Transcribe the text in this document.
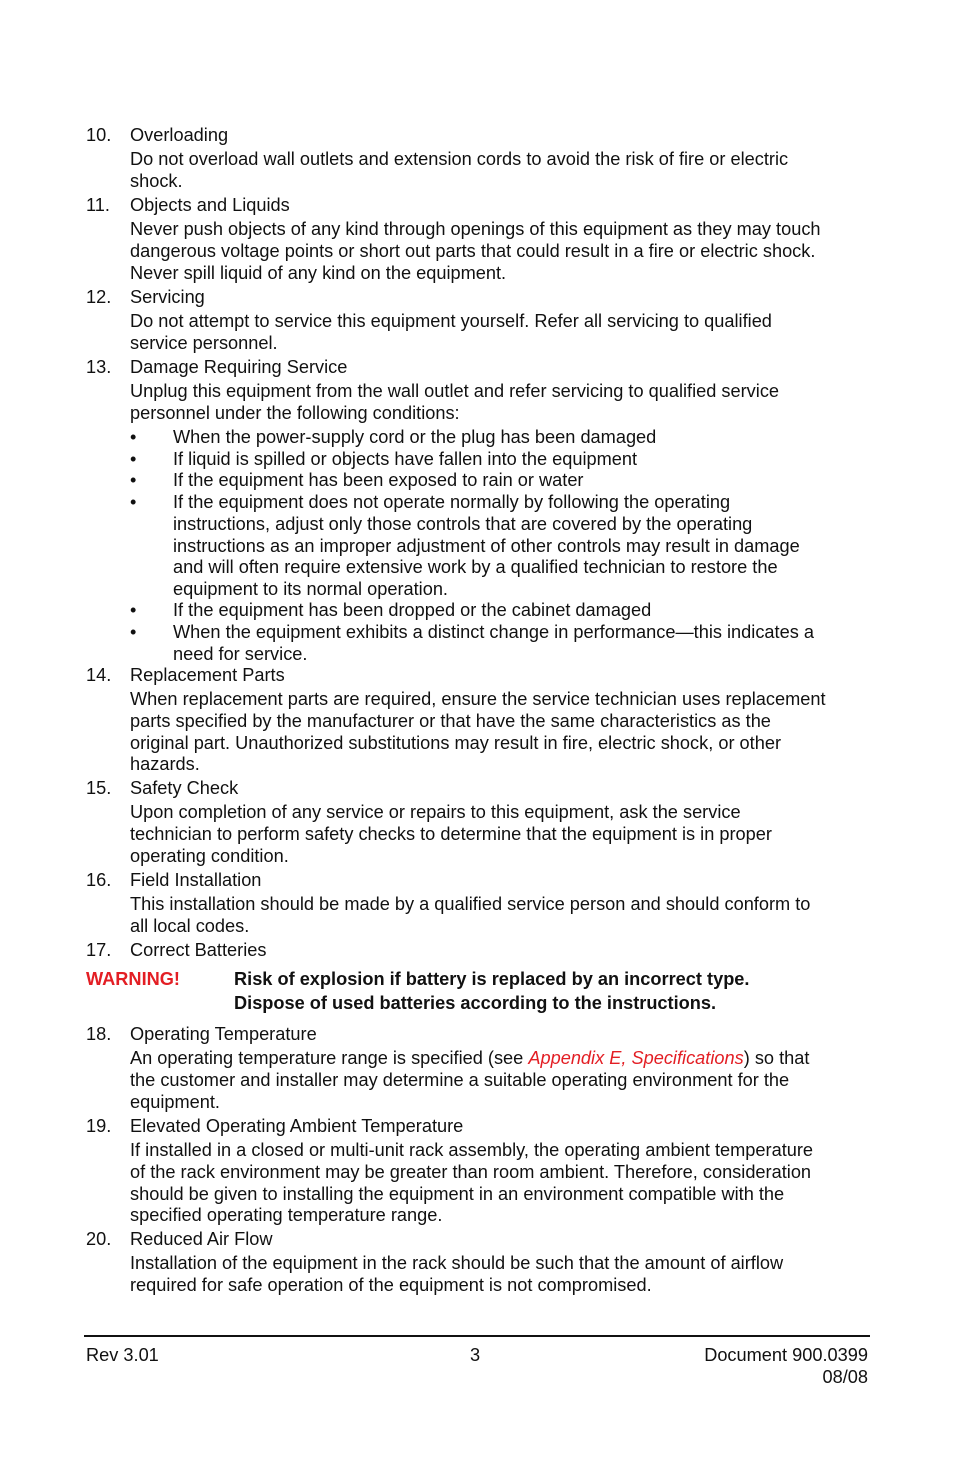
10. Overloading
Do not overload wall outlets and extension cords to avoid the risk of fire or electric
shock.
11. Objects and Liquids
Never push objects of any kind through openings of this equipment as they may touch
dangerous voltage points or short out parts that could result in a fire or electric shock.
Never spill liquid of any kind on the equipment.
12. Servicing
Do not attempt to service this equipment yourself. Refer all servicing to qualified
service personnel.
13. Damage Requiring Service
Unplug this equipment from the wall outlet and refer servicing to qualified service
personnel under the following conditions:
• When the power-supply cord or the plug has been damaged
• If liquid is spilled or objects have fallen into the equipment
• If the equipment has been exposed to rain or water
• If the equipment does not operate normally by following the operating
instructions, adjust only those controls that are covered by the operating
instructions as an improper adjustment of other controls may result in damage
and will often require extensive work by a qualified technician to restore the
equipment to its normal operation.
• If the equipment has been dropped or the cabinet damaged
• When the equipment exhibits a distinct change in performance—this indicates a
need for service.
14. Replacement Parts
When replacement parts are required, ensure the service technician uses replacement
parts specified by the manufacturer or that have the same characteristics as the
original part. Unauthorized substitutions may result in fire, electric shock, or other
hazards.
15. Safety Check
Upon completion of any service or repairs to this equipment, ask the service
technician to perform safety checks to determine that the equipment is in proper
operating condition.
16. Field Installation
This installation should be made by a qualified service person and should conform to
all local codes.
17. Correct Batteries
WARNING!	Risk of explosion if battery is replaced by an incorrect type.
Dispose of used batteries according to the instructions.
18. Operating Temperature
An operating temperature range is specified (see Appendix E, Specifications) so that
the customer and installer may determine a suitable operating environment for the
equipment.
19. Elevated Operating Ambient Temperature
If installed in a closed or multi-unit rack assembly, the operating ambient temperature
of the rack environment may be greater than room ambient. Therefore, consideration
should be given to installing the equipment in an environment compatible with the
specified operating temperature range.
20. Reduced Air Flow
Installation of the equipment in the rack should be such that the amount of airflow
required for safe operation of the equipment is not compromised.
Rev 3.01	3	Document 900.0399
08/08
